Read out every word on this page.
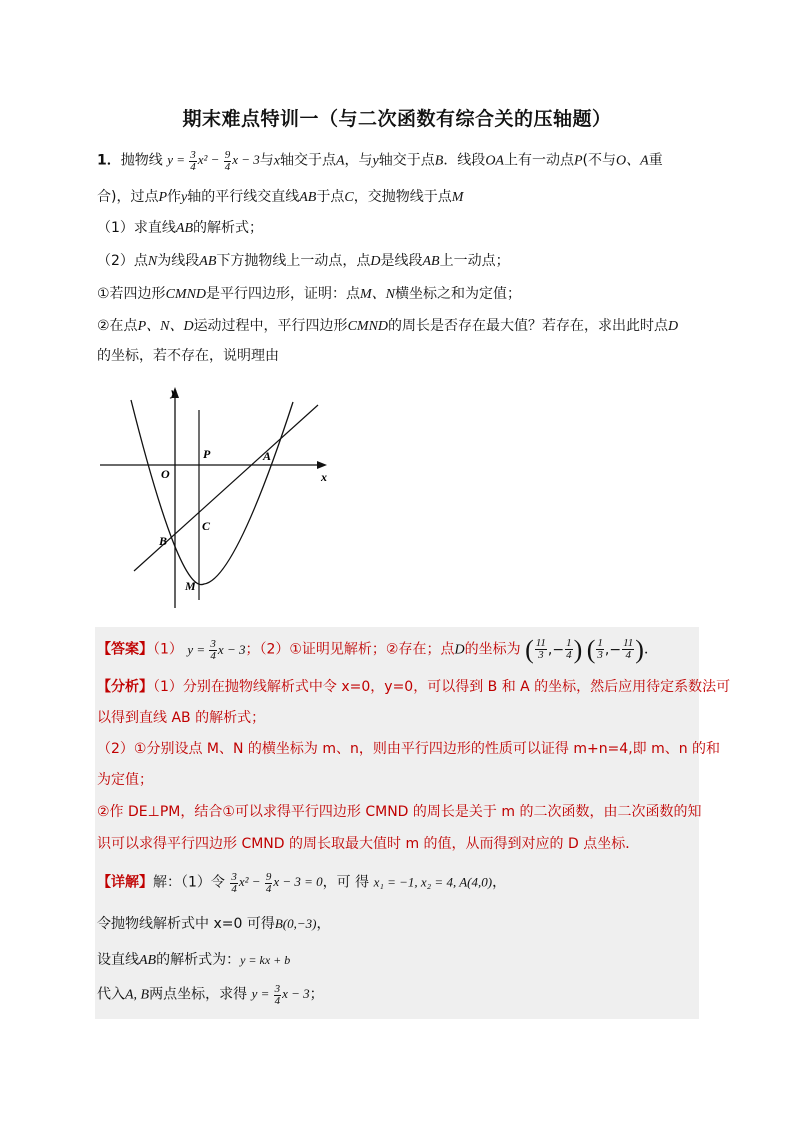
期末难点特训一（与二次函数有综合关的压轴题）
1．抛物线 $y = \frac{3}{4} x^2 - \frac{9}{4}$ x − 3与x轴交于点A，与y轴交于点B．线段OA上有一动点P(不与O、A重
合)，过点P作y轴的平行线交直线AB于点C，交抛物线于点M
（1）求直线AB的解析式；
（2）点N为线段AB下方抛物线上一动点，点D是线段AB上一动点；
①若四边形CMND是平行四边形，证明：点M、N横坐标之和为定值；
②在点P、N、D运动过程中，平行四边形CMND的周长是否存在最大值？若存在，求出此时点D
的坐标，若不存在，说明理由
y
x
O
P	A
B
C
M
【答案】（1） $y = \frac{3}{4}$ x − 3；（2）①证明见解析；②存在；点D的坐标为 ( $\frac{11}{3}$ ,− $\frac{1}{4}$ ) ( $\frac{1}{3}$ ,− $\frac{11}{4}$ )．
【分析】（1）分别在抛物线解析式中令 x=0，y=0，可以得到 B 和 A 的坐标，然后应用待定系数法可
以得到直线 AB 的解析式；
（2）①分别设点 M、N 的横坐标为 m、n，则由平行四边形的性质可以证得 m+n=4,即 m、n 的和
为定值；
②作 DE⊥PM，结合①可以求得平行四边形 CMND 的周长是关于 m 的二次函数，由二次函数的知
识可以求得平行四边形 CMND 的周长取最大值时 m 的值，从而得到对应的 D 点坐标．
【详解】解：（1）令 $\frac{3}{4} x^2 - \frac{9}{4}$ x − 3 = 0，可 得 x₁ = −1, x₂ = 4, A(4,0)，
令抛物线解析式中 x=0 可得B(0,−3)，
设直线AB的解析式为：y = kx + b
代入A, B两点坐标，求得 $y = \frac{3}{4}$ x − 3；
